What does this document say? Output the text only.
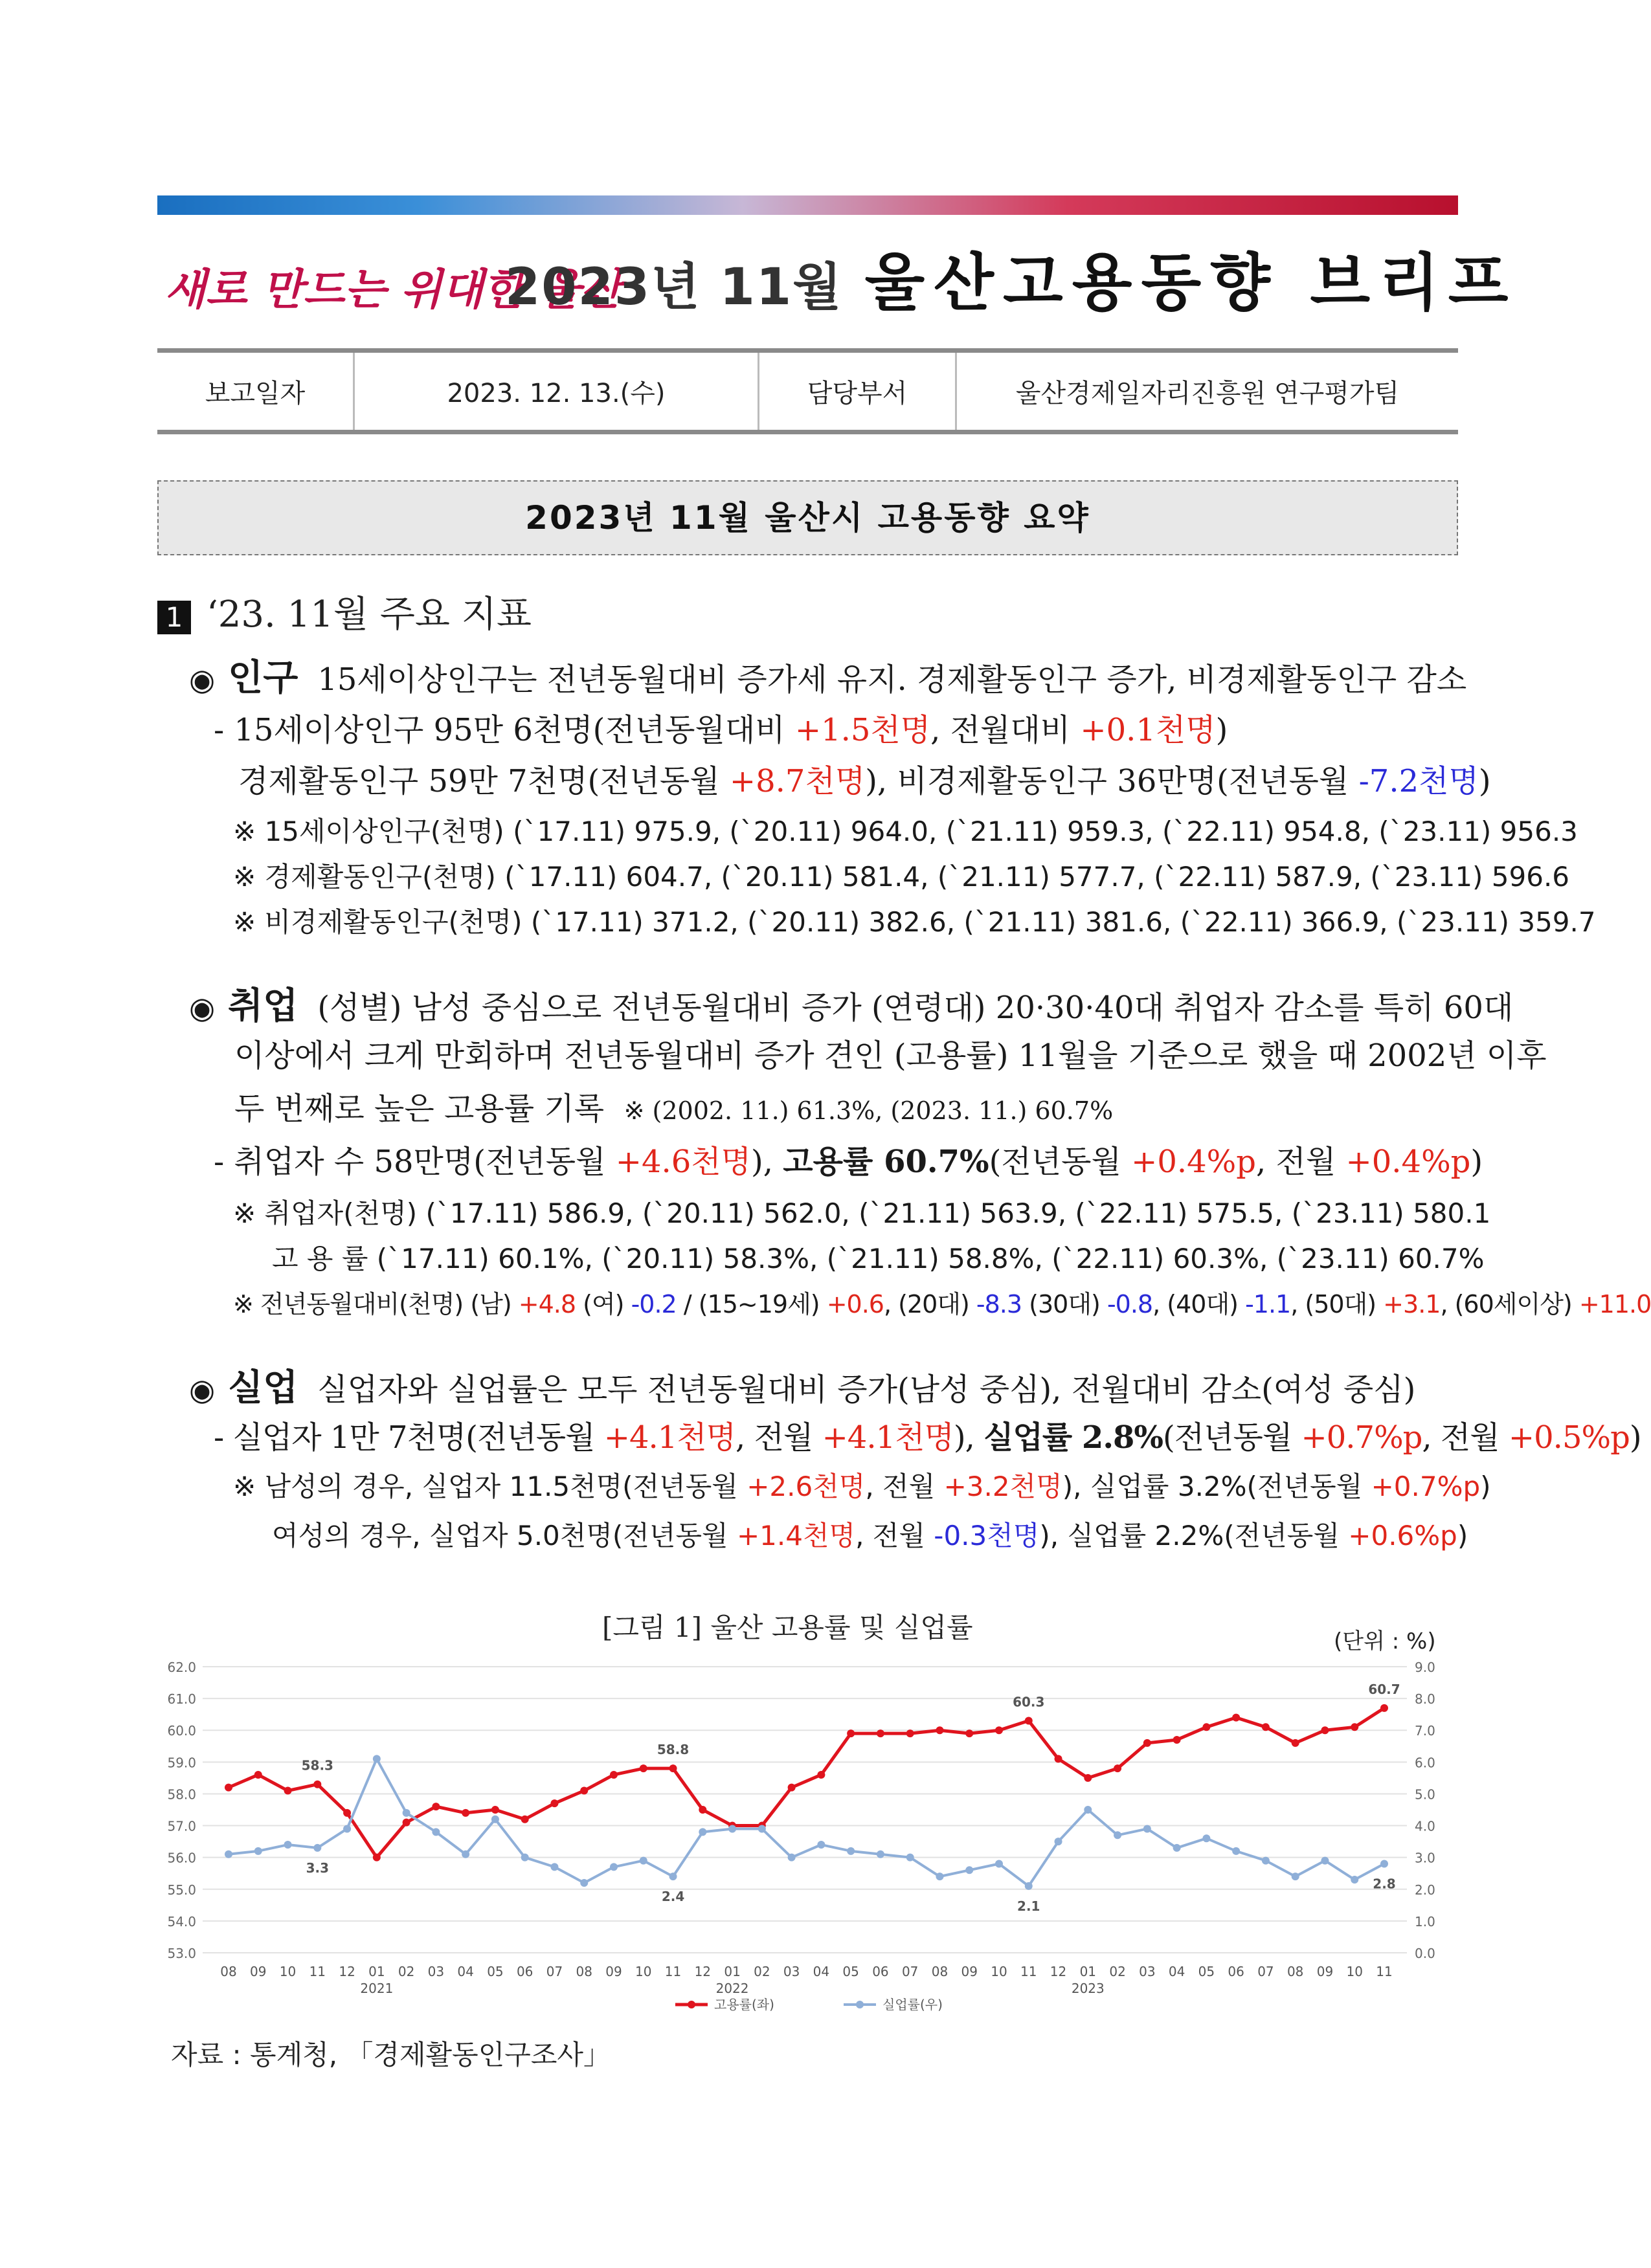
새로 만드는 위대한 울산
2023년 11월 울산고용동향 브리프
보고일자	2023. 12. 13.(수)	담당부서	울산경제일자리진흥원 연구평가팀
2023년 11월 울산시 고용동향 요약
1 ‘23. 11월 주요 지표
◉ 인구 15세이상인구는 전년동월대비 증가세 유지. 경제활동인구 증가, 비경제활동인구 감소
- 15세이상인구 95만 6천명(전년동월대비 +1.5천명, 전월대비 +0.1천명)
경제활동인구 59만 7천명(전년동월 +8.7천명), 비경제활동인구 36만명(전년동월 -7.2천명)
※ 15세이상인구(천명) (`17.11) 975.9, (`20.11) 964.0, (`21.11) 959.3, (`22.11) 954.8, (`23.11) 956.3
※ 경제활동인구(천명) (`17.11) 604.7, (`20.11) 581.4, (`21.11) 577.7, (`22.11) 587.9, (`23.11) 596.6
※ 비경제활동인구(천명) (`17.11) 371.2, (`20.11) 382.6, (`21.11) 381.6, (`22.11) 366.9, (`23.11) 359.7
◉ 취업 (성별) 남성 중심으로 전년동월대비 증가 (연령대) 20·30·40대 취업자 감소를 특히 60대
이상에서 크게 만회하며 전년동월대비 증가 견인 (고용률) 11월을 기준으로 했을 때 2002년 이후
두 번째로 높은 고용률 기록 ※ (2002. 11.) 61.3%, (2023. 11.) 60.7%
- 취업자 수 58만명(전년동월 +4.6천명), 고용률 60.7%(전년동월 +0.4%p, 전월 +0.4%p)
※ 취업자(천명) (`17.11) 586.9, (`20.11) 562.0, (`21.11) 563.9, (`22.11) 575.5, (`23.11) 580.1
고 용 률 (`17.11) 60.1%, (`20.11) 58.3%, (`21.11) 58.8%, (`22.11) 60.3%, (`23.11) 60.7%
※ 전년동월대비(천명) (남) +4.8 (여) -0.2 / (15~19세) +0.6, (20대) -8.3 (30대) -0.8, (40대) -1.1, (50대) +3.1, (60세이상) +11.0
◉ 실업 실업자와 실업률은 모두 전년동월대비 증가(남성 중심), 전월대비 감소(여성 중심)
- 실업자 1만 7천명(전년동월 +4.1천명, 전월 +4.1천명), 실업률 2.8%(전년동월 +0.7%p, 전월 +0.5%p)
※ 남성의 경우, 실업자 11.5천명(전년동월 +2.6천명, 전월 +3.2천명), 실업률 3.2%(전년동월 +0.7%p)
여성의 경우, 실업자 5.0천명(전년동월 +1.4천명, 전월 -0.3천명), 실업률 2.2%(전년동월 +0.6%p)
[그림 1] 울산 고용률 및 실업률	(단위 : %)
53.0
54.0
55.0
56.0
57.0
58.0
59.0
60.0
61.0
62.0
0.0
1.0
2.0
3.0
4.0
5.0
6.0
7.0
8.0
9.0
08 09 10 11 12 01 02 03 04 05 06 07 08 09 10 11 12 01 02 03 04 05 06 07 08 09 10 11 12 01 02 03 04 05 06 07 08 09 10 11
2021	2022	2023
58.3
58.8
60.3
60.7
3.3
2.4
2.1
2.8
고용률(좌)	실업률(우)
자료 : 통계청, 「경제활동인구조사」
